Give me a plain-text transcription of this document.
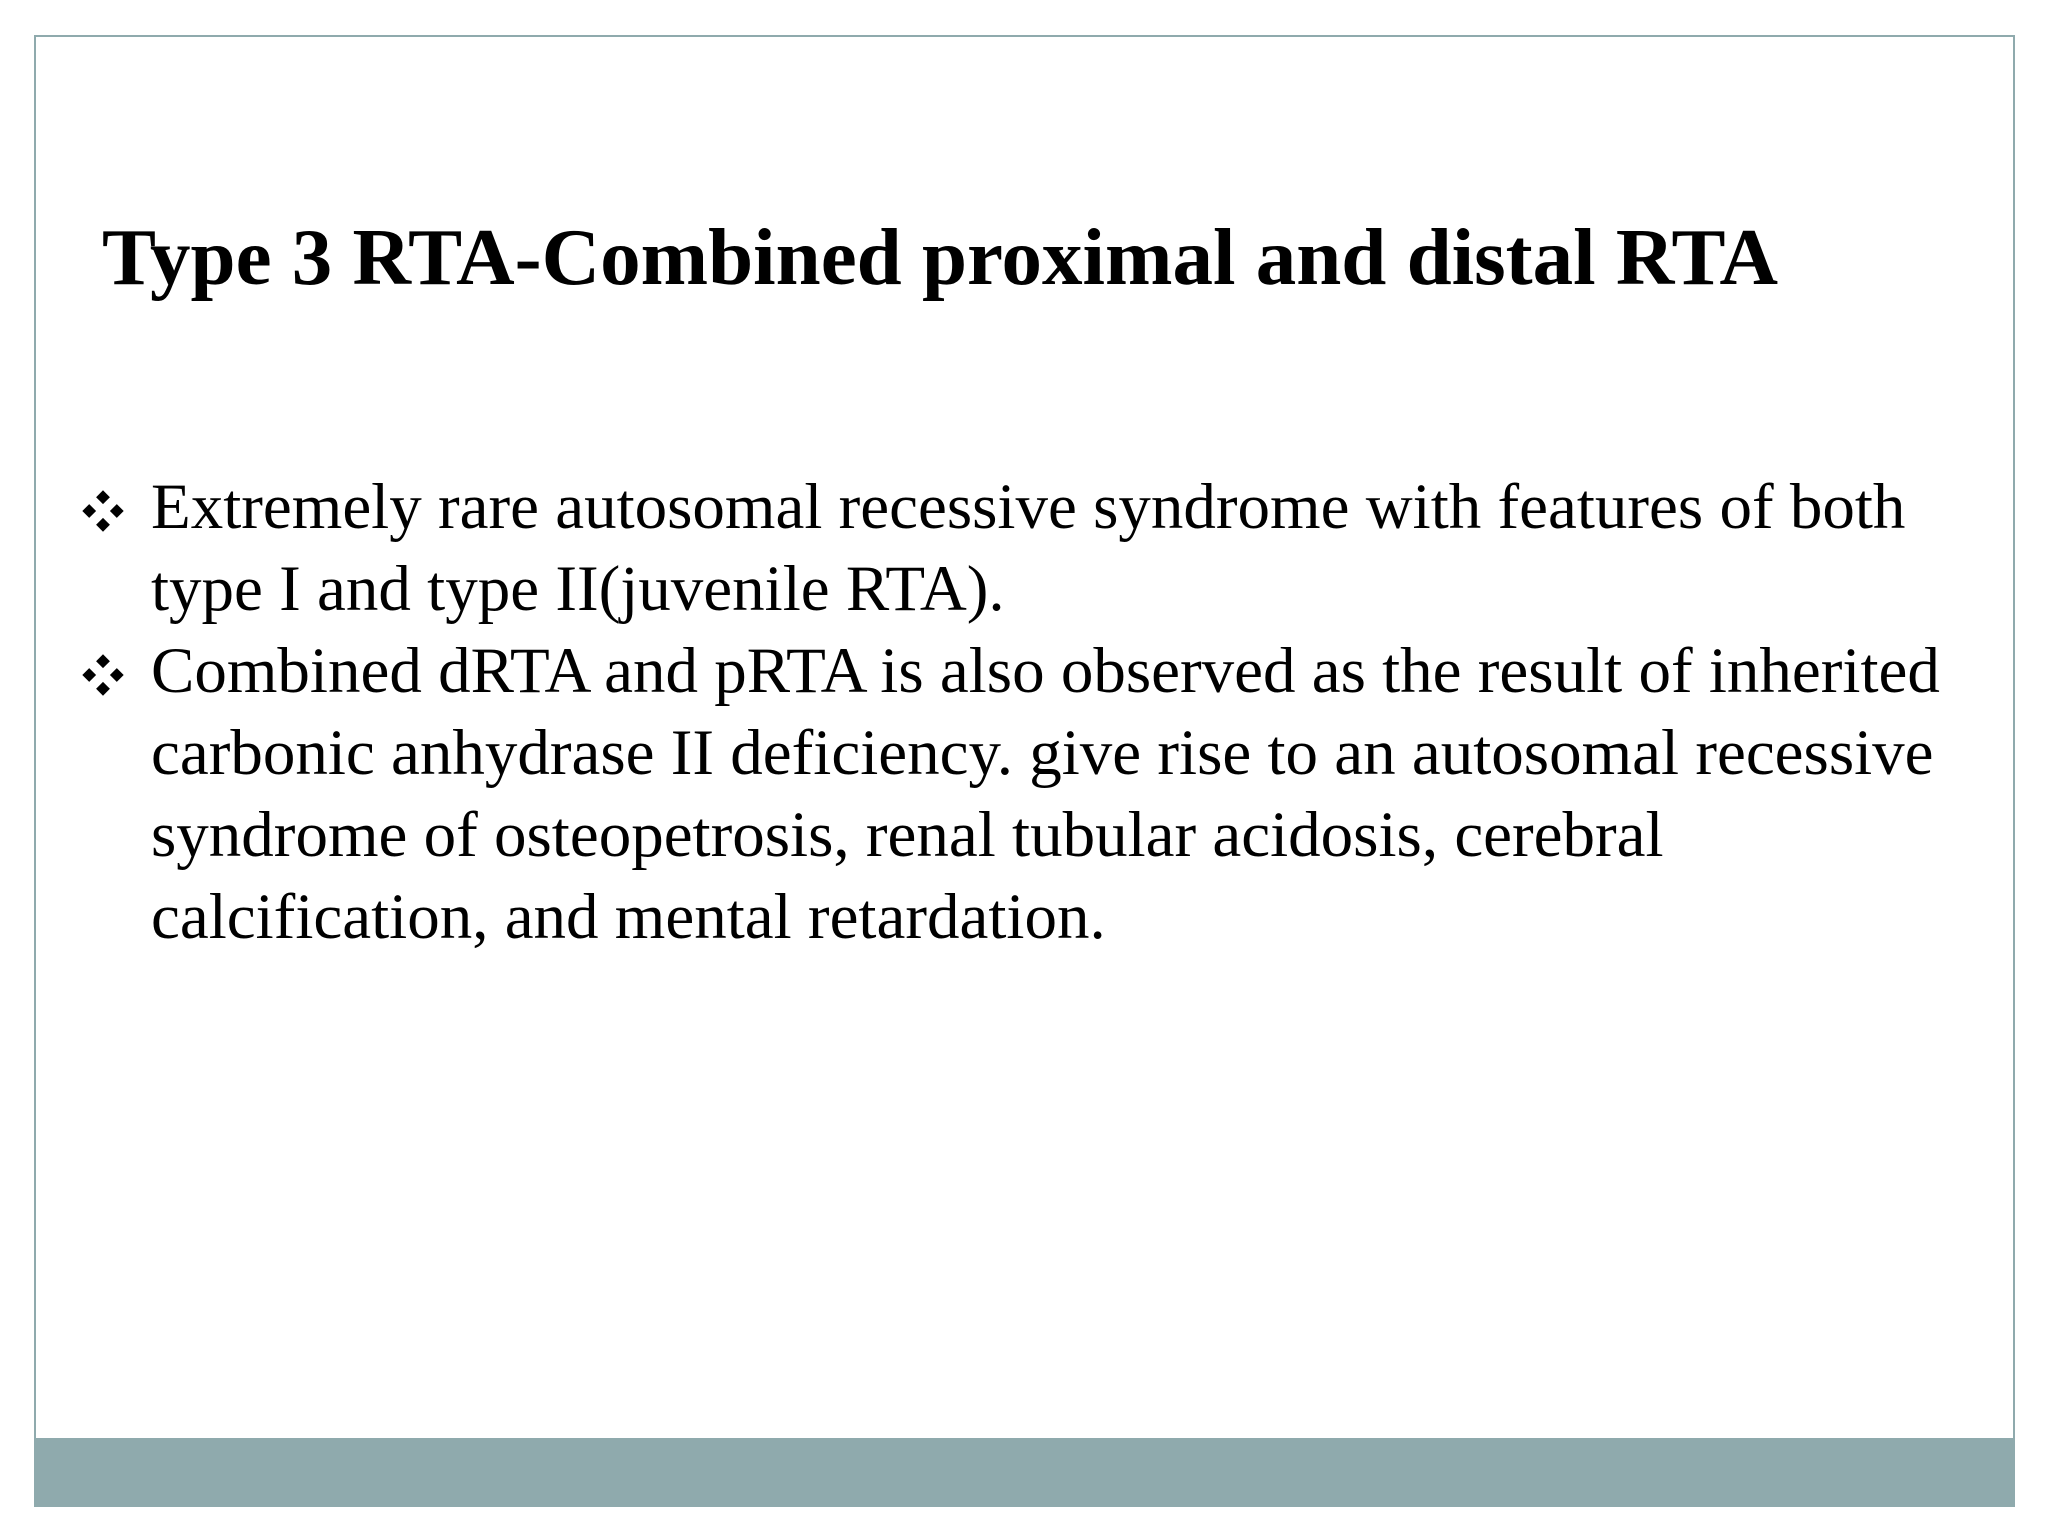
Type 3 RTA-Combined proximal and distal RTA
Extremely rare autosomal recessive syndrome with features of both type I and type II(juvenile RTA).
Combined dRTA and pRTA is also observed as the result of inherited carbonic anhydrase II deficiency. give rise to an autosomal recessive syndrome of osteopetrosis, renal tubular acidosis, cerebral calcification, and mental retardation.
